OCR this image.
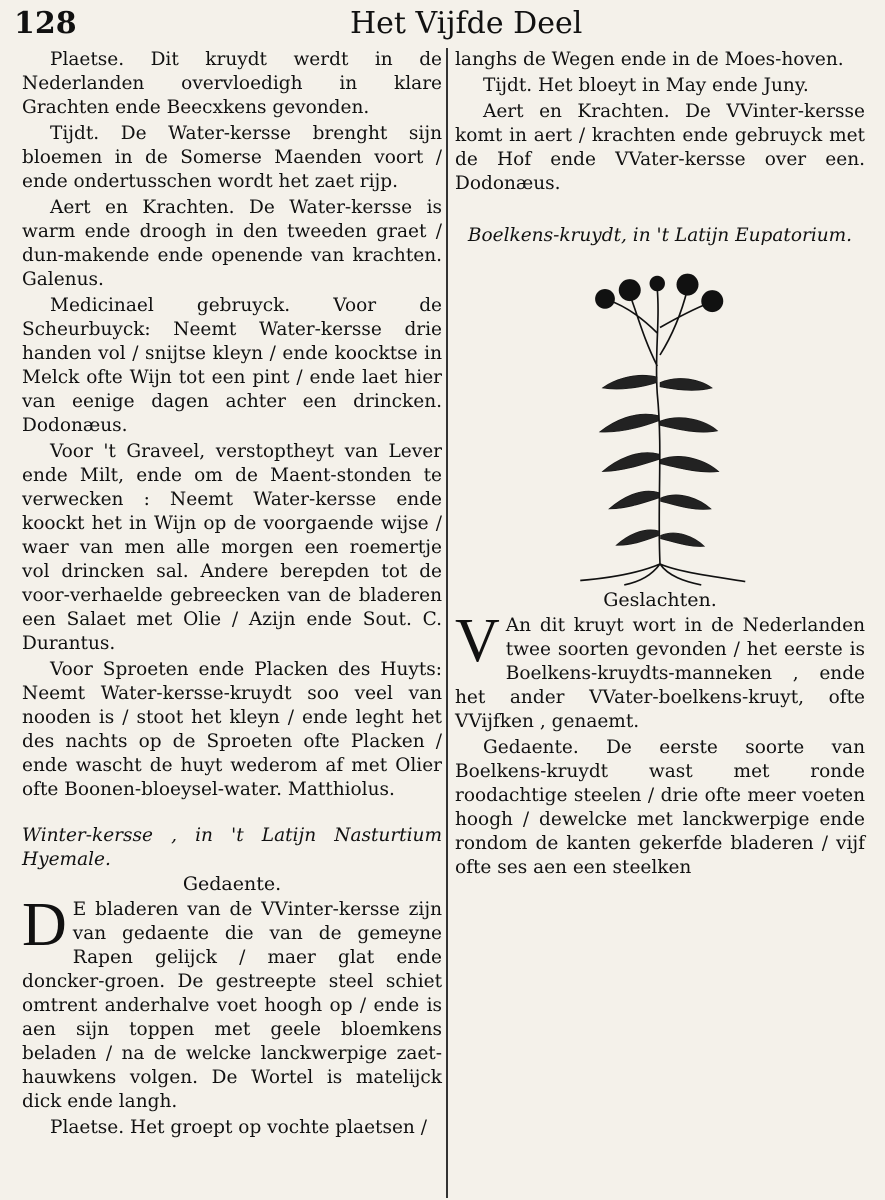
128	Het Vijfde Deel

Plaetse. Dit kruydt werdt in de Nederlanden overvloedigh in klare Grachten ende Beecxkens gevonden.

Tijdt. De Water-kersse brenght sijn bloemen in de Somerse Maenden voort / ende ondertusschen wordt het zaet rijp.

Aert en Krachten. De Water-kersse is warm ende droogh in den tweeden graet / dun-makende ende openende van krachten. Galenus.

Medicinael gebruyck. Voor de Scheurbuyck: Neemt Water-kersse drie handen vol / snijtse kleyn / ende koocktse in Melck ofte Wijn tot een pint / ende laet hier van eenige dagen achter een drincken. Dodonæus.

Voor 't Graveel, verstoptheyt van Lever ende Milt, ende om de Maent-stonden te verwecken : Neemt Water-kersse ende koockt het in Wijn op de voorgaende wijse / waer van men alle morgen een roemertje vol drincken sal. Andere berepden tot de voor-verhaelde gebreecken van de bladeren een Salaet met Olie / Azijn ende Sout. C. Durantus.

Voor Sproeten ende Placken des Huyts: Neemt Water-kersse-kruydt soo veel van nooden is / stoot het kleyn / ende leght het des nachts op de Sproeten ofte Placken / ende wascht de huyt wederom af met Olier ofte Boonen-bloeysel-water. Matthiolus.

Winter-kersse , in 't Latijn Nasturtium Hyemale.

Gedaente.

D E bladeren van de VVinter-kersse zijn van gedaente die van de gemeyne Rapen gelijck / maer glat ende doncker-groen. De gestreepte steel schiet omtrent anderhalve voet hoogh op / ende is aen sijn toppen met geele bloemkens beladen / na de welcke lanckwerpige zaet-hauwkens volgen. De Wortel is matelijck dick ende langh.

Plaetse. Het groept op vochte plaetsen /

langhs de Wegen ende in de Moes-hoven.

Tijdt. Het bloeyt in May ende Juny.

Aert en Krachten. De VVinter-kersse komt in aert / krachten ende gebruyck met de Hof ende VVater-kersse over een. Dodonæus.

Boelkens-kruydt, in 't Latijn Eupatorium.

Geslachten.

V An dit kruyt wort in de Nederlanden twee soorten gevonden / het eerste is Boelkens-kruydts-manneken , ende het ander VVater-boelkens-kruyt, ofte VVijfken , genaemt.

Gedaente. De eerste soorte van Boelkens-kruydt wast met ronde roodachtige steelen / drie ofte meer voeten hoogh / dewelcke met lanckwerpige ende rondom de kanten gekerfde bladeren / vijf ofte ses aen een steelken
